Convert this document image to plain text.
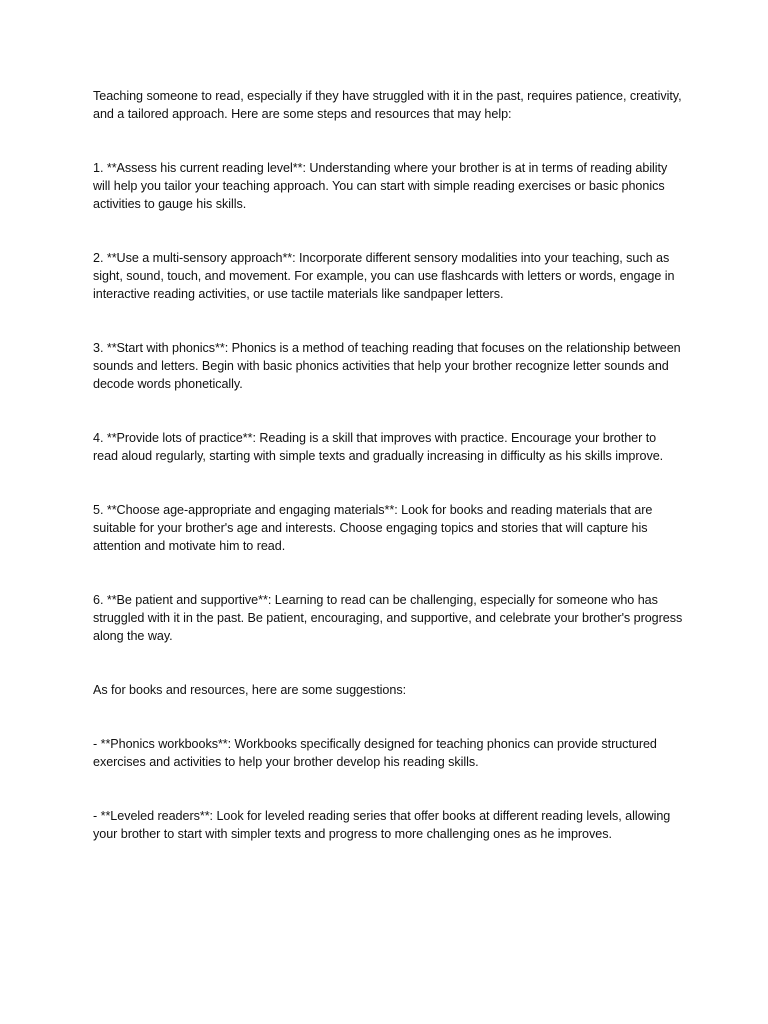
Teaching someone to read, especially if they have struggled with it in the past, requires patience, creativity, and a tailored approach. Here are some steps and resources that may help:

1. **Assess his current reading level**: Understanding where your brother is at in terms of reading ability will help you tailor your teaching approach. You can start with simple reading exercises or basic phonics activities to gauge his skills.

2. **Use a multi-sensory approach**: Incorporate different sensory modalities into your teaching, such as sight, sound, touch, and movement. For example, you can use flashcards with letters or words, engage in interactive reading activities, or use tactile materials like sandpaper letters.

3. **Start with phonics**: Phonics is a method of teaching reading that focuses on the relationship between sounds and letters. Begin with basic phonics activities that help your brother recognize letter sounds and decode words phonetically.

4. **Provide lots of practice**: Reading is a skill that improves with practice. Encourage your brother to read aloud regularly, starting with simple texts and gradually increasing in difficulty as his skills improve.

5. **Choose age-appropriate and engaging materials**: Look for books and reading materials that are suitable for your brother's age and interests. Choose engaging topics and stories that will capture his attention and motivate him to read.

6. **Be patient and supportive**: Learning to read can be challenging, especially for someone who has struggled with it in the past. Be patient, encouraging, and supportive, and celebrate your brother's progress along the way.

As for books and resources, here are some suggestions:

- **Phonics workbooks**: Workbooks specifically designed for teaching phonics can provide structured exercises and activities to help your brother develop his reading skills.

- **Leveled readers**: Look for leveled reading series that offer books at different reading levels, allowing your brother to start with simpler texts and progress to more challenging ones as he improves.
